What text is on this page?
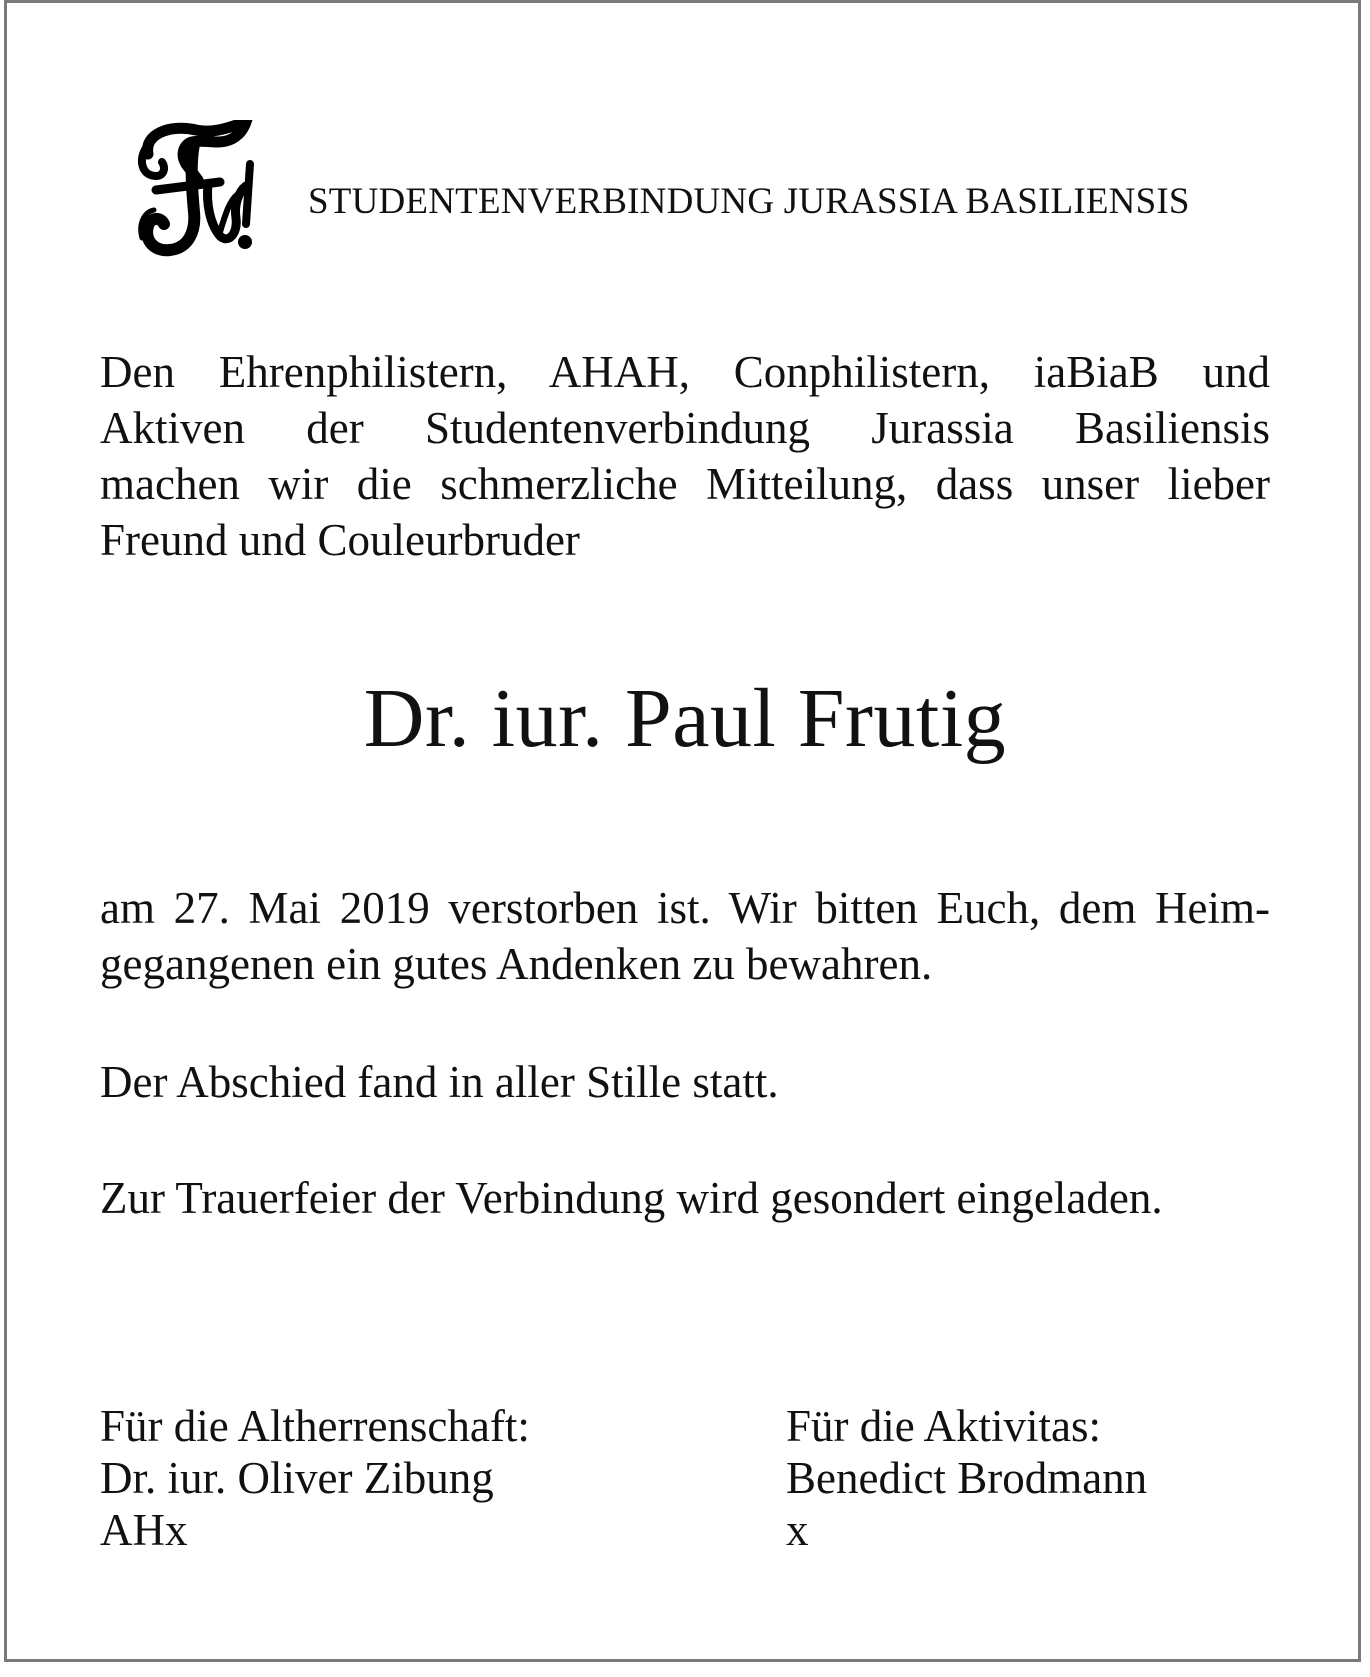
STUDENTENVERBINDUNG JURASSIA BASILIENSIS
Den Ehrenphilistern, AHAH, Conphilistern, iaBiaB und
Aktiven der Studentenverbindung Jurassia Basiliensis
machen wir die schmerzliche Mitteilung, dass unser lieber
Freund und Couleurbruder
Dr. iur. Paul Frutig
am 27. Mai 2019 verstorben ist. Wir bitten Euch, dem Heim-
gegangenen ein gutes Andenken zu bewahren.
Der Abschied fand in aller Stille statt.
Zur Trauerfeier der Verbindung wird gesondert eingeladen.
Für die Altherrenschaft:
Dr. iur. Oliver Zibung
AHx
Für die Aktivitas:
Benedict Brodmann
x
